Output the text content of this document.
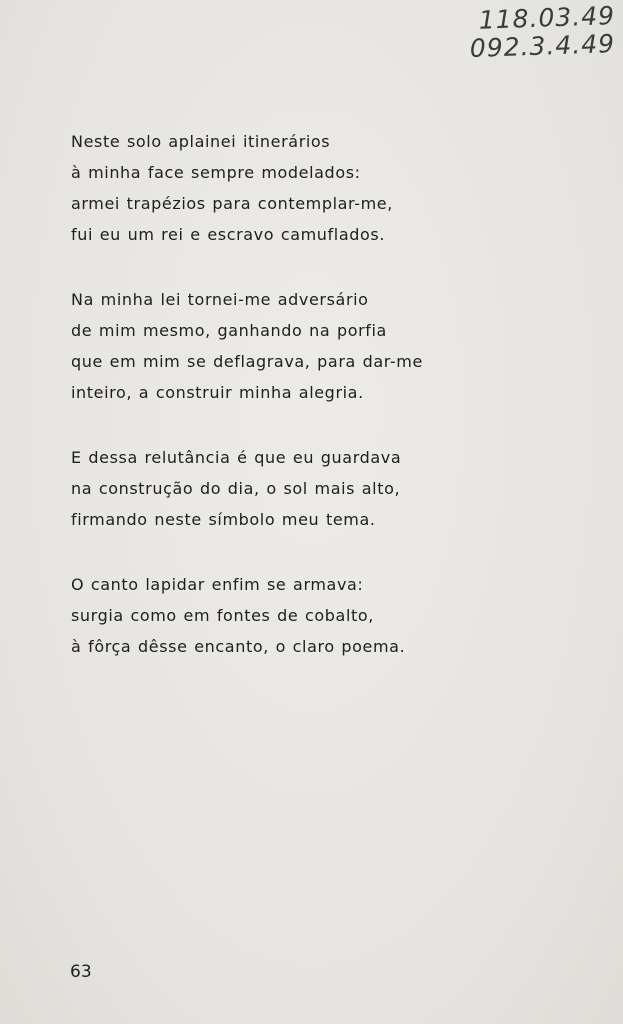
118.03.49
092.3.4.49
Neste solo aplainei itinerários
à minha face sempre modelados:
armei trapézios para contemplar-me,
fui eu um rei e escravo camuflados.
Na minha lei tornei-me adversário
de mim mesmo, ganhando na porfia
que em mim se deflagrava, para dar-me
inteiro, a construir minha alegria.
E dessa relutância é que eu guardava
na construção do dia, o sol mais alto,
firmando neste símbolo meu tema.
O canto lapidar enfim se armava:
surgia como em fontes de cobalto,
à fôrça dêsse encanto, o claro poema.
63
